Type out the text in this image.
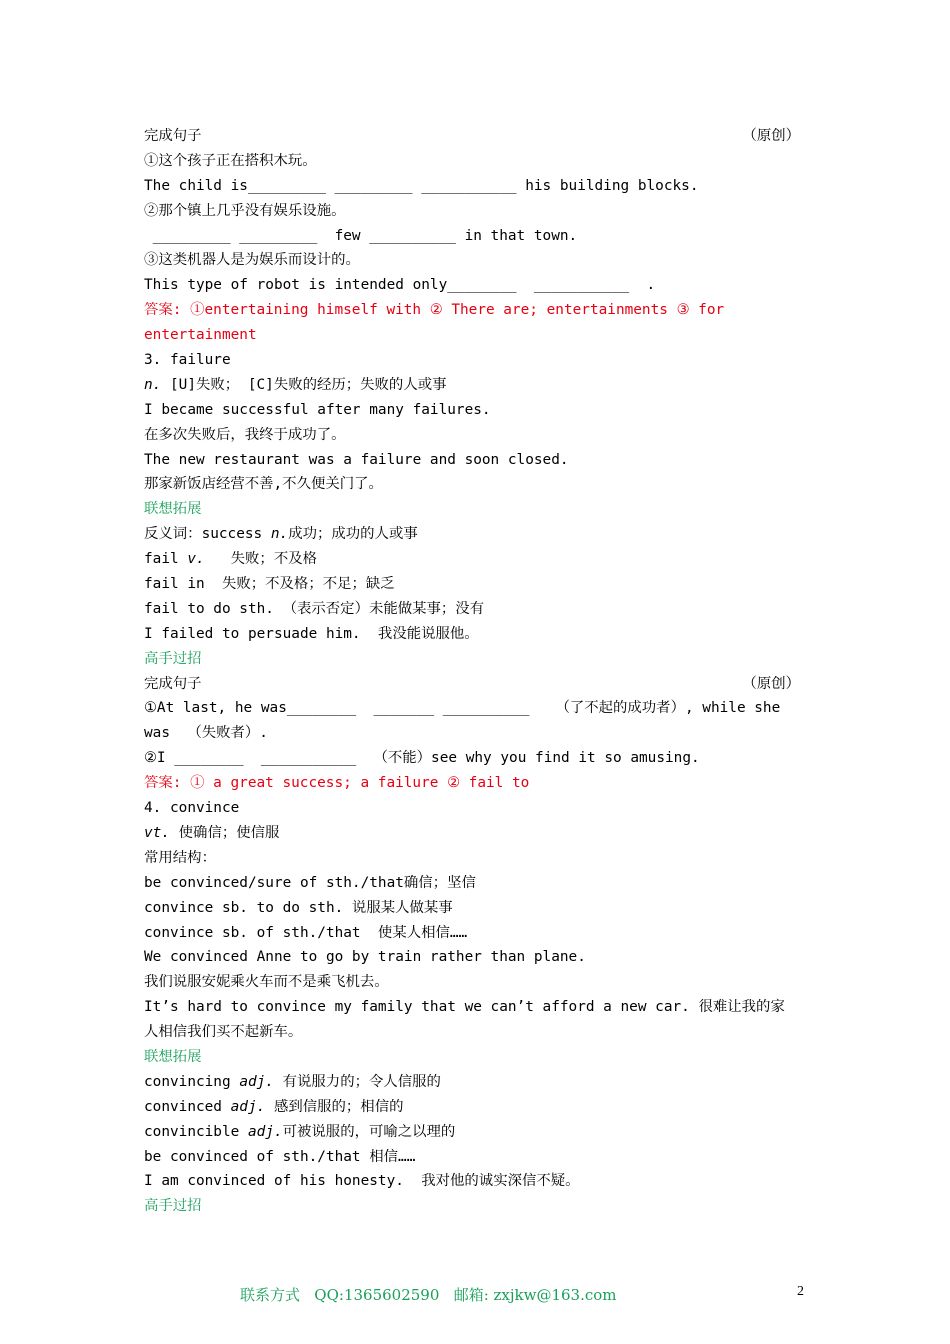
完成句子	（原创）
①这个孩子正在搭积木玩。
The child is_________ _________ ___________ his building blocks.
②那个镇上几乎没有娱乐设施。
_________ _________  few __________ in that town.
③这类机器人是为娱乐而设计的。
This type of robot is intended only________  ___________  .
答案: ①entertaining himself with ② There are; entertainments ③ for
entertainment
3. failure
n. [U]失败； [C]失败的经历；失败的人或事
I became successful after many failures.
在多次失败后，我终于成功了。
The new restaurant was a failure and soon closed.
那家新饭店经营不善,不久便关门了。
联想拓展
反义词：success n.成功；成功的人或事
fail v.   失败；不及格
fail in  失败；不及格；不足；缺乏
fail to do sth. （表示否定）未能做某事；没有
I failed to persuade him.  我没能说服他。
高手过招
完成句子	（原创）
①At last, he was________  _______ __________   （了不起的成功者）, while she
was  （失败者）.
②I ________  ___________  （不能）see why you find it so amusing.
答案: ① a great success; a failure ② fail to
4. convince
vt. 使确信；使信服
常用结构：
be convinced/sure of sth./that确信；坚信
convince sb. to do sth. 说服某人做某事
convince sb. of sth./that  使某人相信……
We convinced Anne to go by train rather than plane.
我们说服安妮乘火车而不是乘飞机去。
It’s hard to convince my family that we can’t afford a new car. 很难让我的家
人相信我们买不起新车。
联想拓展
convincing adj. 有说服力的；令人信服的
convinced adj. 感到信服的；相信的
convincible adj.可被说服的，可喻之以理的
be convinced of sth./that 相信……
I am convinced of his honesty.  我对他的诚实深信不疑。
高手过招
联系方式   QQ:1365602590   邮箱: zxjkw@163.com	2
